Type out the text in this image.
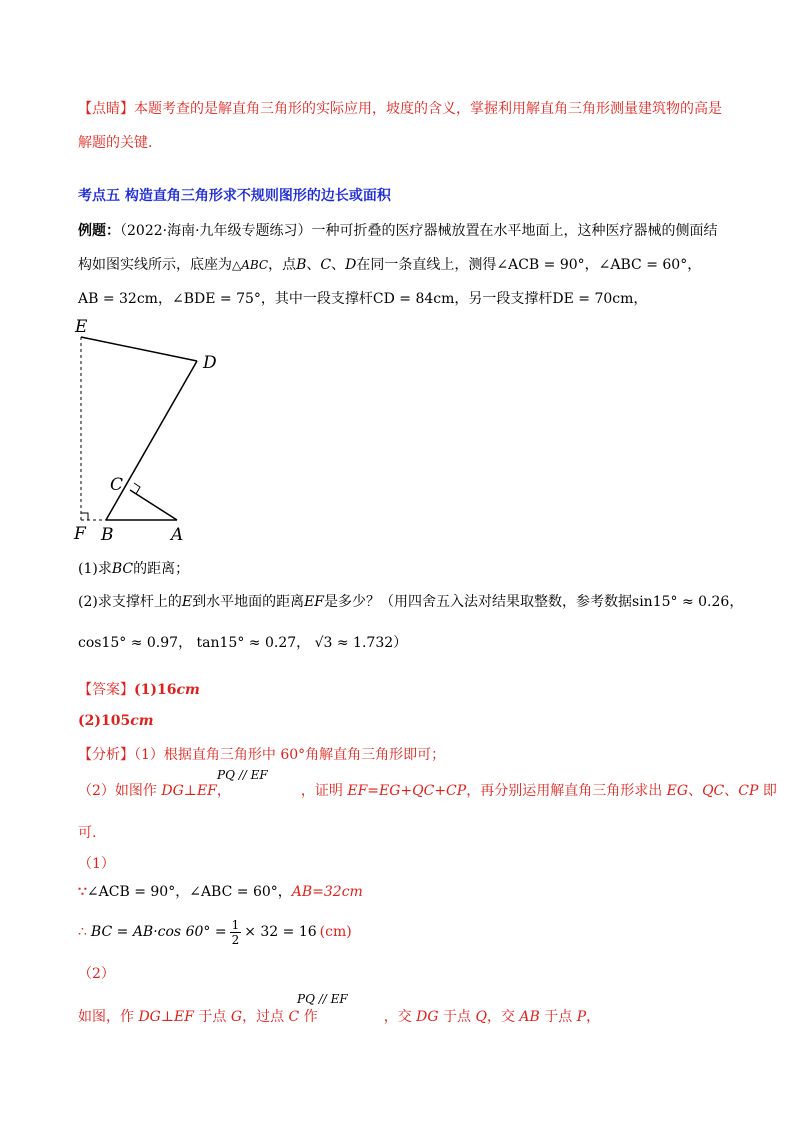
【点睛】本题考查的是解直角三角形的实际应用，坡度的含义，掌握利用解直角三角形测量建筑物的高是
解题的关键.
考点五 构造直角三角形求不规则图形的边长或面积
例题：（2022·海南·九年级专题练习）一种可折叠的医疗器械放置在水平地面上，这种医疗器械的侧面结
构如图实线所示，底座为△ABC，点B、C、D在同一条直线上，测得∠ACB = 90°，∠ABC = 60°，
AB = 32cm，∠BDE = 75°，其中一段支撑杆CD = 84cm，另一段支撑杆DE = 70cm，
E
D
C
F B	A
(1)求BC的距离；
(2)求支撑杆上的E到水平地面的距离EF是多少？（用四舍五入法对结果取整数，参考数据sin15° ≈ 0.26，
cos15° ≈ 0.97， tan15° ≈ 0.27， √3 ≈ 1.732）
【答案】(1)16cm
(2)105cm
【分析】（1）根据直角三角形中 60°角解直角三角形即可；
PQ // EF
（2）如图作 DG⊥EF，	，证明 EF=EG+QC+CP，再分别运用解直角三角形求出 EG、QC、CP 即
可.
（1）
∵∠ACB = 90°，∠ABC = 60°，AB=32cm
∴ BC = AB·cos $60^\circ = \frac{1}{2} \times 32 = 16$ (cm)
（2）
PQ // EF
如图，作 DG⊥EF 于点 G，过点 C 作	，交 DG 于点 Q，交 AB 于点 P，
